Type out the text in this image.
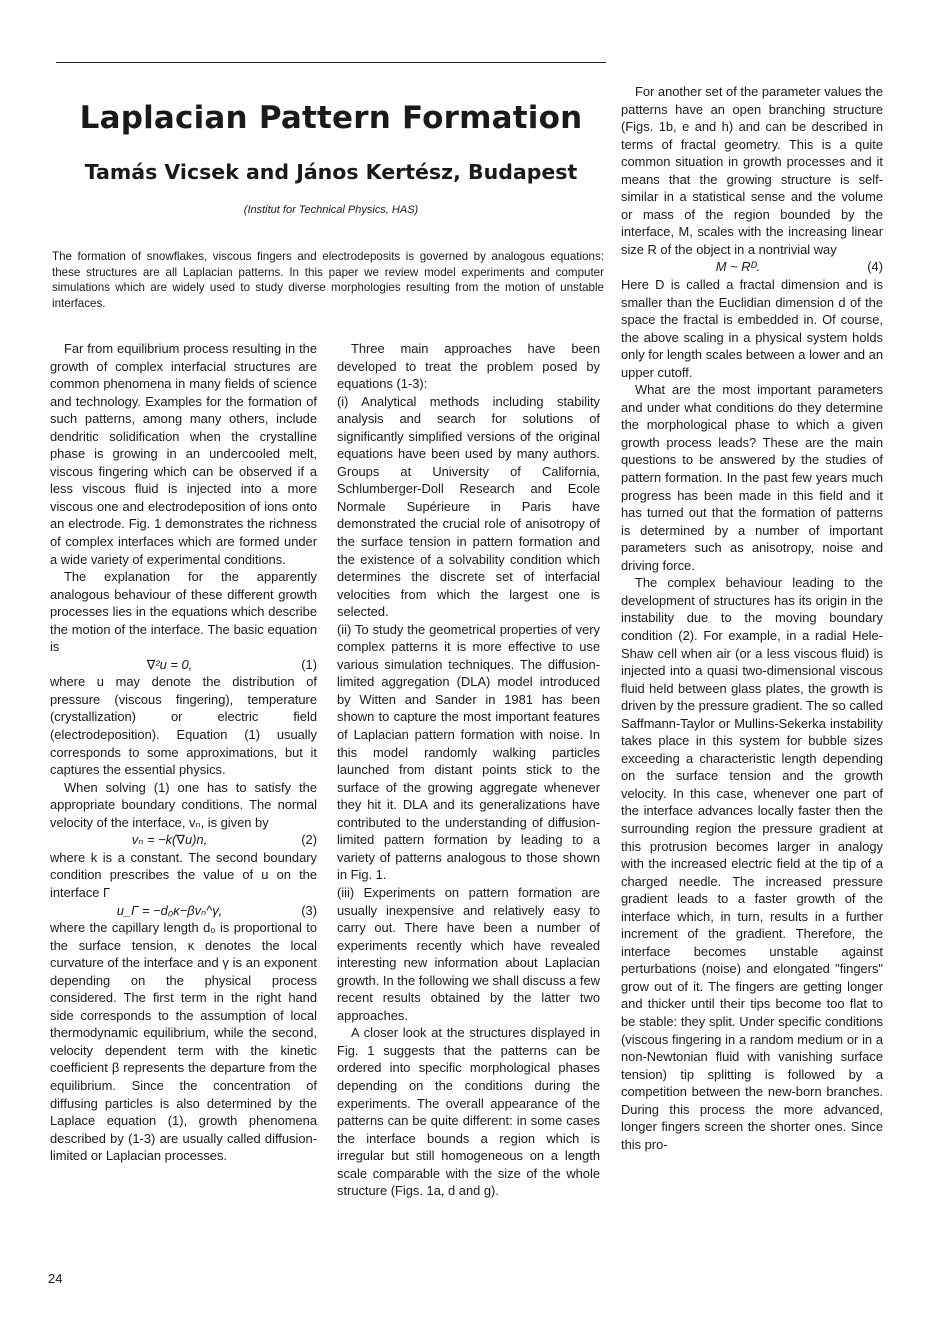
Laplacian Pattern Formation
Tamás Vicsek and János Kertész, Budapest
(Institut for Technical Physics, HAS)
The formation of snowflakes, viscous fingers and electrodeposits is governed by analogous equations: these structures are all Laplacian patterns. In this paper we review model experiments and computer simulations which are widely used to study diverse morphologies resulting from the motion of unstable interfaces.

Far from equilibrium process resulting in the growth of complex interfacial structures are common phenomena in many fields of science and technology. Examples for the formation of such patterns, among many others, include dendritic solidification when the crystalline phase is growing in an undercooled melt, viscous fingering which can be observed if a less viscous fluid is injected into a more viscous one and electrodeposition of ions onto an electrode. Fig. 1 demonstrates the richness of complex interfaces which are formed under a wide variety of experimental conditions.

The explanation for the apparently analogous behaviour of these different growth processes lies in the equations which describe the motion of the interface. The basic equation is

∇²u = 0,	(1)

where u may denote the distribution of pressure (viscous fingering), temperature (crystallization) or electric field (electrodeposition). Equation (1) usually corresponds to some approximations, but it captures the essential physics.

When solving (1) one has to satisfy the appropriate boundary conditions. The normal velocity of the interface, vₙ, is given by

vₙ = −k(∇u)n,	(2)

where k is a constant. The second boundary condition prescribes the value of u on the interface Γ

u_Γ = −d₀κ−βvₙ^γ,	(3)

where the capillary length d₀ is proportional to the surface tension, κ denotes the local curvature of the interface and γ is an exponent depending on the physical process considered. The first term in the right hand side corresponds to the assumption of local thermodynamic equilibrium, while the second, velocity dependent term with the kinetic coefficient β represents the departure from the equilibrium. Since the concentration of diffusing particles is also determined by the Laplace equation (1), growth phenomena described by (1-3) are usually called diffusion-limited or Laplacian processes.

Three main approaches have been developed to treat the problem posed by equations (1-3):

(i) Analytical methods including stability analysis and search for solutions of significantly simplified versions of the original equations have been used by many authors. Groups at University of California, Schlumberger-Doll Research and Ecole Normale Supérieure in Paris have demonstrated the crucial role of anisotropy of the surface tension in pattern formation and the existence of a solvability condition which determines the discrete set of interfacial velocities from which the largest one is selected.

(ii) To study the geometrical properties of very complex patterns it is more effective to use various simulation techniques. The diffusion-limited aggregation (DLA) model introduced by Witten and Sander in 1981 has been shown to capture the most important features of Laplacian pattern formation with noise. In this model randomly walking particles launched from distant points stick to the surface of the growing aggregate whenever they hit it. DLA and its generalizations have contributed to the understanding of diffusion-limited pattern formation by leading to a variety of patterns analogous to those shown in Fig. 1.

(iii) Experiments on pattern formation are usually inexpensive and relatively easy to carry out. There have been a number of experiments recently which have revealed interesting new information about Laplacian growth. In the following we shall discuss a few recent results obtained by the latter two approaches.

A closer look at the structures displayed in Fig. 1 suggests that the patterns can be ordered into specific morphological phases depending on the conditions during the experiments. The overall appearance of the patterns can be quite different: in some cases the interface bounds a region which is irregular but still homogeneous on a length scale comparable with the size of the whole structure (Figs. 1a, d and g).

For another set of the parameter values the patterns have an open branching structure (Figs. 1b, e and h) and can be described in terms of fractal geometry. This is a quite common situation in growth processes and it means that the growing structure is self-similar in a statistical sense and the volume or mass of the region bounded by the interface, M, scales with the increasing linear size R of the object in a nontrivial way

M ~ Rᴰ.	(4)

Here D is called a fractal dimension and is smaller than the Euclidian dimension d of the space the fractal is embedded in. Of course, the above scaling in a physical system holds only for length scales between a lower and an upper cutoff.

What are the most important parameters and under what conditions do they determine the morphological phase to which a given growth process leads? These are the main questions to be answered by the studies of pattern formation. In the past few years much progress has been made in this field and it has turned out that the formation of patterns is determined by a number of important parameters such as anisotropy, noise and driving force.

The complex behaviour leading to the development of structures has its origin in the instability due to the moving boundary condition (2). For example, in a radial Hele-Shaw cell when air (or a less viscous fluid) is injected into a quasi two-dimensional viscous fluid held between glass plates, the growth is driven by the pressure gradient. The so called Saffmann-Taylor or Mullins-Sekerka instability takes place in this system for bubble sizes exceeding a characteristic length depending on the surface tension and the growth velocity. In this case, whenever one part of the interface advances locally faster then the surrounding region the pressure gradient at this protrusion becomes larger in analogy with the increased electric field at the tip of a charged needle. The increased pressure gradient leads to a faster growth of the interface which, in turn, results in a further increment of the gradient. Therefore, the interface becomes unstable against perturbations (noise) and elongated "fingers" grow out of it. The fingers are getting longer and thicker until their tips become too flat to be stable: they split. Under specific conditions (viscous fingering in a random medium or in a non-Newtonian fluid with vanishing surface tension) tip splitting is followed by a competition between the new-born branches. During this process the more advanced, longer fingers screen the shorter ones. Since this pro-

24
